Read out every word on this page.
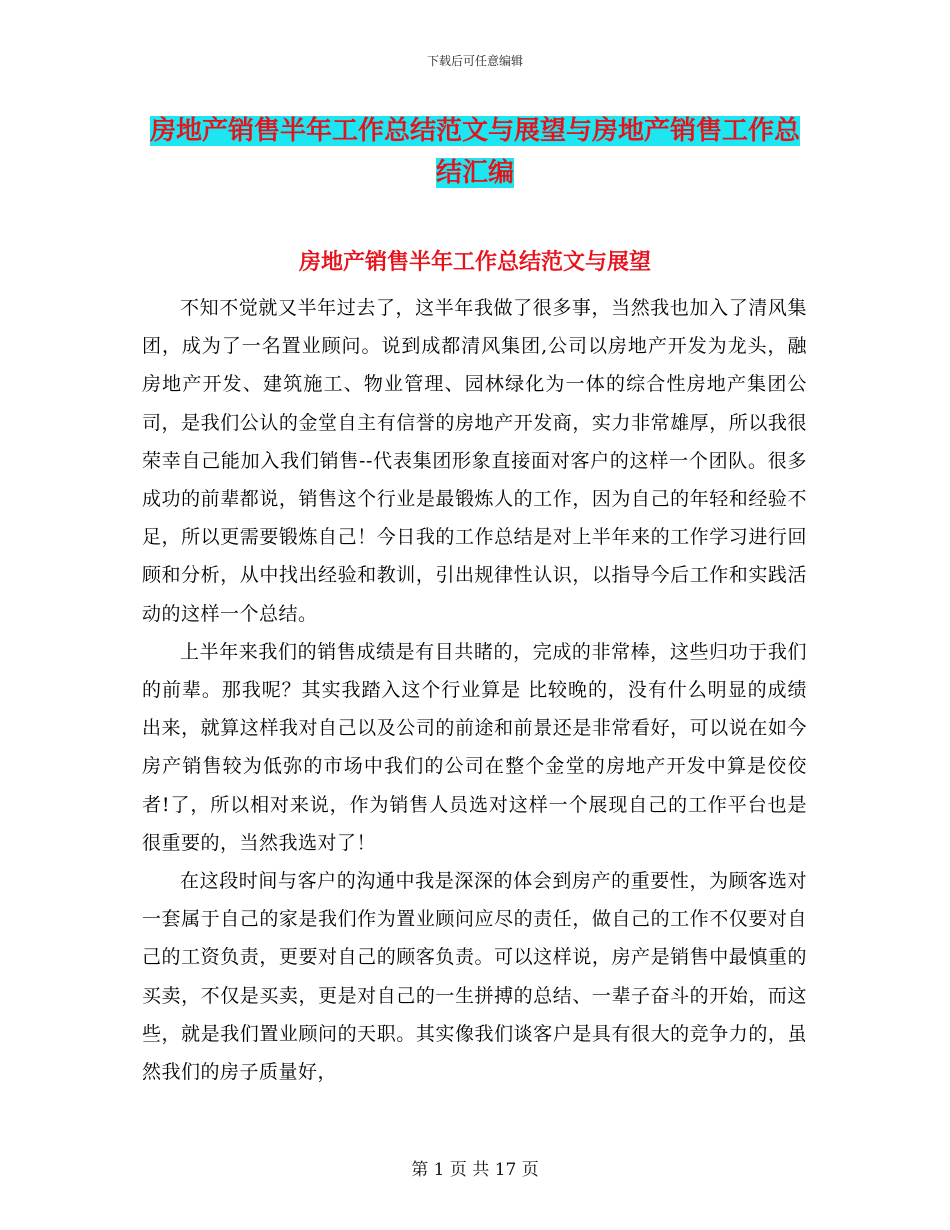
下载后可任意编辑
房地产销售半年工作总结范文与展望与房地产销售工作总结汇编
房地产销售半年工作总结范文与展望

不知不觉就又半年过去了，这半年我做了很多事，当然我也加入了清风集团，成为了一名置业顾问。说到成都清风集团,公司以房地产开发为龙头，融房地产开发、建筑施工、物业管理、园林绿化为一体的综合性房地产集团公司，是我们公认的金堂自主有信誉的房地产开发商，实力非常雄厚，所以我很荣幸自己能加入我们销售--代表集团形象直接面对客户的这样一个团队。很多成功的前辈都说，销售这个行业是最锻炼人的工作，因为自己的年轻和经验不足，所以更需要锻炼自己！今日我的工作总结是对上半年来的工作学习进行回顾和分析，从中找出经验和教训，引出规律性认识，以指导今后工作和实践活动的这样一个总结。

上半年来我们的销售成绩是有目共睹的，完成的非常棒，这些归功于我们的前辈。那我呢？其实我踏入这个行业算是 比较晚的，没有什么明显的成绩出来，就算这样我对自己以及公司的前途和前景还是非常看好，可以说在如今房产销售较为低弥的市场中我们的公司在整个金堂的房地产开发中算是佼佼者!了，所以相对来说，作为销售人员选对这样一个展现自己的工作平台也是很重要的，当然我选对了！

在这段时间与客户的沟通中我是深深的体会到房产的重要性，为顾客选对一套属于自己的家是我们作为置业顾问应尽的责任，做自己的工作不仅要对自己的工资负责，更要对自己的顾客负责。可以这样说，房产是销售中最慎重的买卖，不仅是买卖，更是对自己的一生拼搏的总结、一辈子奋斗的开始，而这些，就是我们置业顾问的天职。其实像我们谈客户是具有很大的竞争力的，虽然我们的房子质量好，

第 1 页 共 17 页
